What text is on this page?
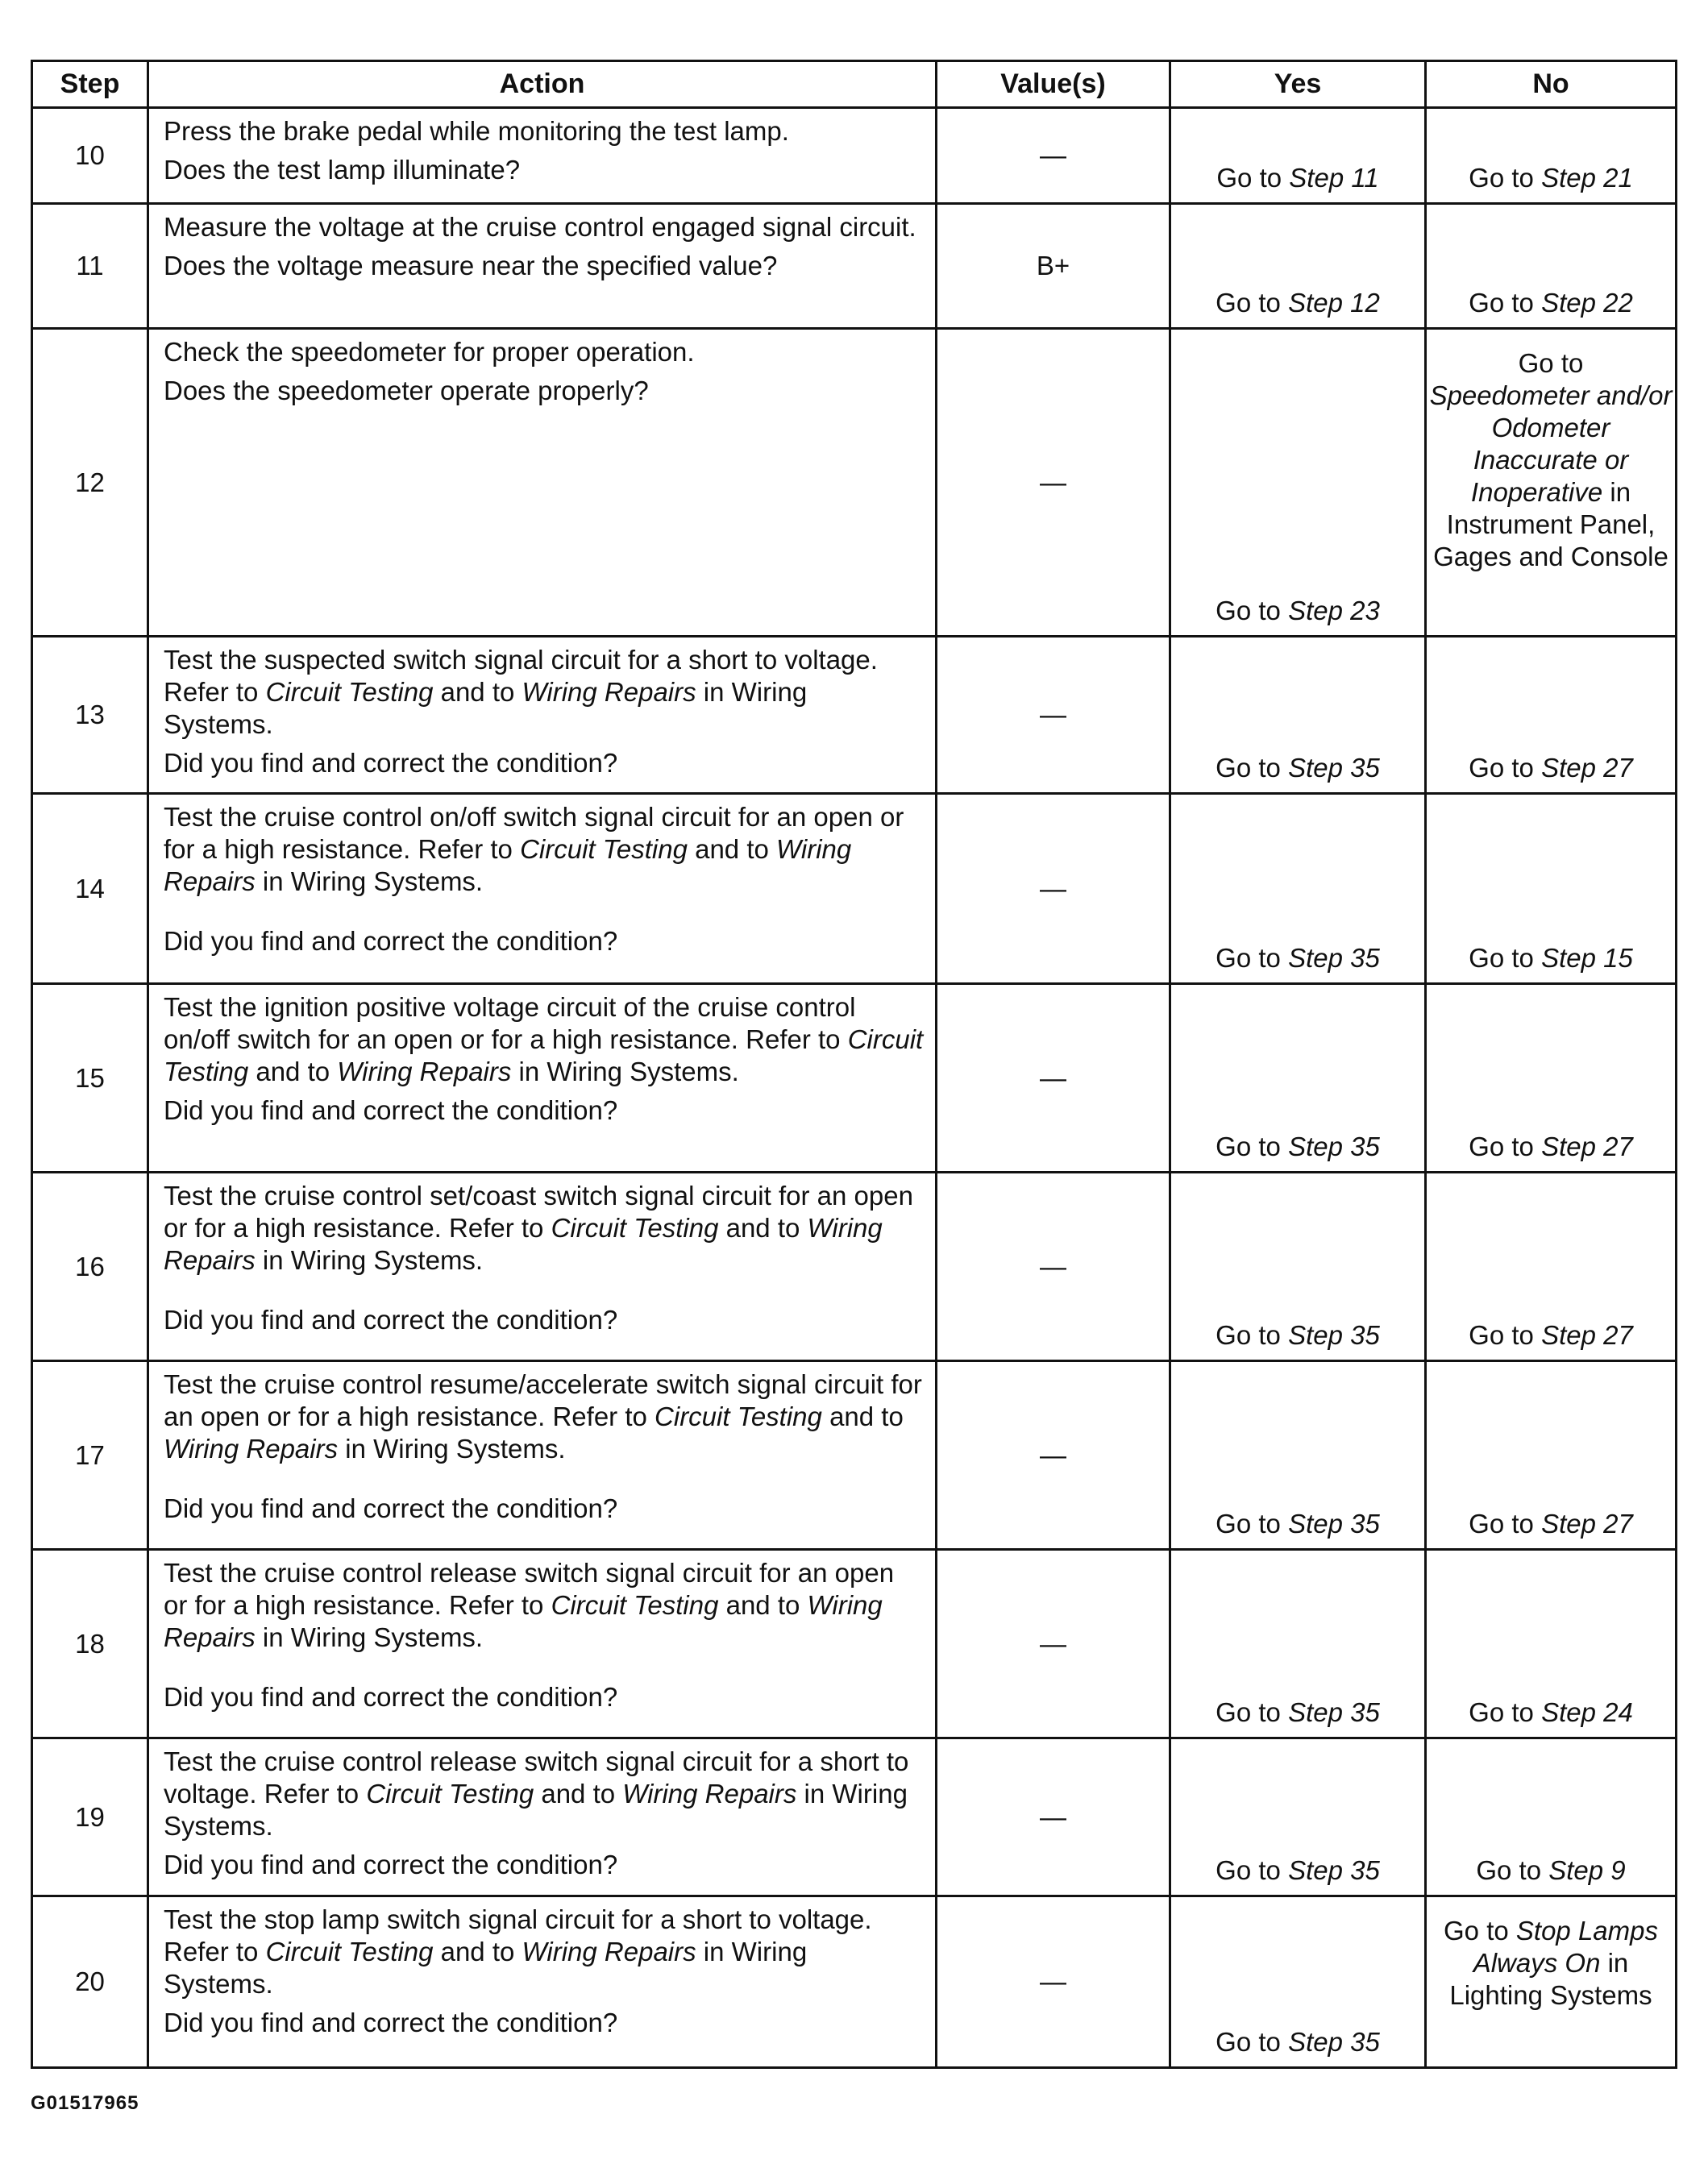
Step	Action	Value(s)	Yes	No
10	Press the brake pedal while monitoring the test lamp.
Does the test lamp illuminate?	—	Go to Step 11	Go to Step 21
11	Measure the voltage at the cruise control engaged signal circuit.
Does the voltage measure near the specified value?	B+	Go to Step 12	Go to Step 22
12	Check the speedometer for proper operation.
Does the speedometer operate properly?	—	Go to Step 23	Go to
Speedometer and/or Odometer Inaccurate or Inoperative in Instrument Panel, Gages and Console
13	Test the suspected switch signal circuit for a short to voltage. Refer to Circuit Testing and to Wiring Repairs in Wiring Systems.
Did you find and correct the condition?	—	Go to Step 35	Go to Step 27
14	Test the cruise control on/off switch signal circuit for an open or for a high resistance. Refer to Circuit Testing and to Wiring Repairs in Wiring Systems.
Did you find and correct the condition?	—	Go to Step 35	Go to Step 15
15	Test the ignition positive voltage circuit of the cruise control on/off switch for an open or for a high resistance. Refer to Circuit Testing and to Wiring Repairs in Wiring Systems.
Did you find and correct the condition?	—	Go to Step 35	Go to Step 27
16	Test the cruise control set/coast switch signal circuit for an open or for a high resistance. Refer to Circuit Testing and to Wiring Repairs in Wiring Systems.
Did you find and correct the condition?	—	Go to Step 35	Go to Step 27
17	Test the cruise control resume/accelerate switch signal circuit for an open or for a high resistance. Refer to Circuit Testing and to Wiring Repairs in Wiring Systems.
Did you find and correct the condition?	—	Go to Step 35	Go to Step 27
18	Test the cruise control release switch signal circuit for an open or for a high resistance. Refer to Circuit Testing and to Wiring Repairs in Wiring Systems.
Did you find and correct the condition?	—	Go to Step 35	Go to Step 24
19	Test the cruise control release switch signal circuit for a short to voltage. Refer to Circuit Testing and to Wiring Repairs in Wiring Systems.
Did you find and correct the condition?	—	Go to Step 35	Go to Step 9
20	Test the stop lamp switch signal circuit for a short to voltage. Refer to Circuit Testing and to Wiring Repairs in Wiring Systems.
Did you find and correct the condition?	—	Go to Step 35	Go to Stop Lamps Always On in Lighting Systems
G01517965
